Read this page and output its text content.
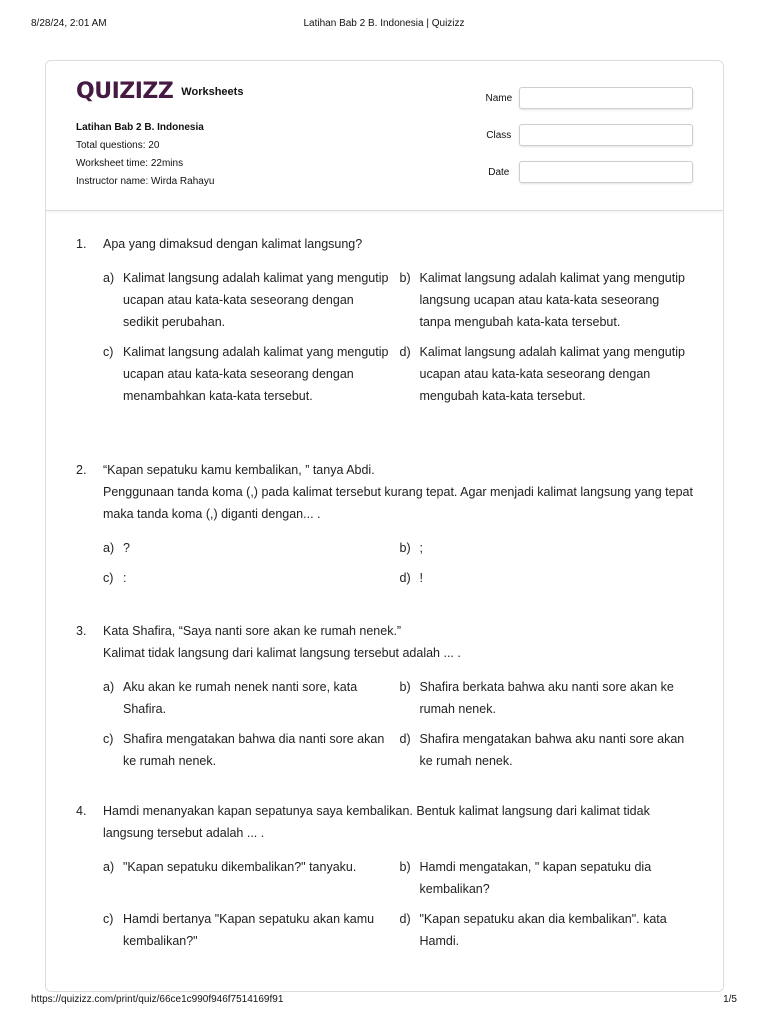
8/28/24, 2:01 AM	Latihan Bab 2 B. Indonesia | Quizizz
QUIZIZZ Worksheets
Latihan Bab 2 B. Indonesia
Total questions: 20
Worksheet time: 22mins
Instructor name: Wirda Rahayu
Name
Class
Date
1.	Apa yang dimaksud dengan kalimat langsung?
a) Kalimat langsung adalah kalimat yang mengutip ucapan atau kata-kata seseorang dengan sedikit perubahan.
b) Kalimat langsung adalah kalimat yang mengutip langsung ucapan atau kata-kata seseorang tanpa mengubah kata-kata tersebut.
c) Kalimat langsung adalah kalimat yang mengutip ucapan atau kata-kata seseorang dengan menambahkan kata-kata tersebut.
d) Kalimat langsung adalah kalimat yang mengutip ucapan atau kata-kata seseorang dengan mengubah kata-kata tersebut.
2.	“Kapan sepatuku kamu kembalikan, ” tanya Abdi.
Penggunaan tanda koma (,) pada kalimat tersebut kurang tepat. Agar menjadi kalimat langsung yang tepat maka tanda koma (,) diganti dengan... .
a) ?	b) ;
c) :	d) !
3.	Kata Shafira, “Saya nanti sore akan ke rumah nenek.”
Kalimat tidak langsung dari kalimat langsung tersebut adalah ... .
a) Aku akan ke rumah nenek nanti sore, kata Shafira.
b) Shafira berkata bahwa aku nanti sore akan ke rumah nenek.
c) Shafira mengatakan bahwa dia nanti sore akan ke rumah nenek.
d) Shafira mengatakan bahwa aku nanti sore akan ke rumah nenek.
4.	Hamdi menanyakan kapan sepatunya saya kembalikan. Bentuk kalimat langsung dari kalimat tidak langsung tersebut adalah ... .
a) "Kapan sepatuku dikembalikan?" tanyaku.	b) Hamdi mengatakan, " kapan sepatuku dia kembalikan?
c) Hamdi bertanya "Kapan sepatuku akan kamu kembalikan?"
d) "Kapan sepatuku akan dia kembalikan". kata Hamdi.
https://quizizz.com/print/quiz/66ce1c990f946f7514169f91	1/5
